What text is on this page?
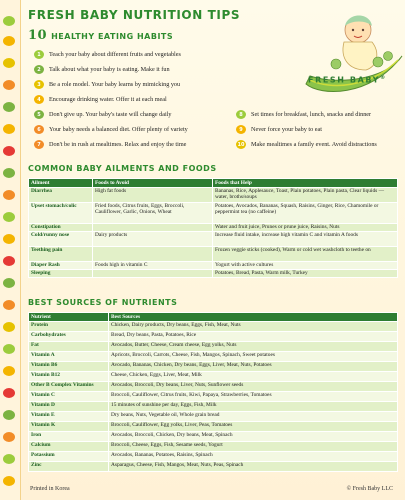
FRESH BABY NUTRITION TIPS
10 HEALTHY EATING HABITS
1	Teach your baby about different fruits and vegetables
2	Talk about what your baby is eating. Make it fun
3	Be a role model. Your baby learns by mimicking you
4	Encourage drinking water. Offer it at each meal
5	Don't give up. Your baby's taste will change daily
6	Your baby needs a balanced diet. Offer plenty of variety
7	Don't be in rush at mealtimes. Relax and enjoy the time
8	Set times for breakfast, lunch, snacks and dinner
9	Never force your baby to eat
10 Make mealtimes a family event. Avoid distractions
FRESH BABY®
COMMON BABY AILMENTS AND FOODS
Ailment	Foods to Avoid	Foods that Help
Diarrhea	High fat foods	Bananas, Rice, Applesauce, Toast, Plain potatoes, Plain pasta, Clear liquids — water, broths/soups
Upset stomach/colic	Fried foods, Citrus fruits, Eggs, Broccoli, Cauliflower, Garlic, Onions, Wheat	Potatoes, Avocados, Bananas, Squash, Raisins, Ginger, Rice, Chamomile or peppermint tea (no caffeine)
Constipation		Water and fruit juice, Prunes or prune juice, Raisins, Nuts
Cold/runny nose	Dairy products	Increase fluid intake, increase high vitamin C and vitamin A foods
Teething pain		Frozen veggie sticks (cooked), Warm or cold wet washcloth to teethe on
Diaper Rash	Foods high in vitamin C	Yogurt with active cultures
Sleeping		Potatoes, Bread, Pasta, Warm milk, Turkey
BEST SOURCES OF NUTRIENTS
Nutrient	Best Sources
Protein	Chicken, Dairy products, Dry beans, Eggs, Fish, Meat, Nuts
Carbohydrates	Bread, Dry beans, Pasta, Potatoes, Rice
Fat	Avocados, Butter, Cheese, Cream cheese, Egg yolks, Nuts
Vitamin A	Apricots, Broccoli, Carrots, Cheese, Fish, Mangos, Spinach, Sweet potatoes
Vitamin B6	Avocado, Bananas, Chicken, Dry beans, Eggs, Liver, Meat, Nuts, Potatoes
Vitamin B12	Cheese, Chicken, Eggs, Liver, Meat, Milk
Other B Complex Vitamins	Avocados, Broccoli, Dry beans, Liver, Nuts, Sunflower seeds
Vitamin C	Broccoli, Cauliflower, Citrus fruits, Kiwi, Papaya, Strawberries, Tomatoes
Vitamin D	15 minutes of sunshine per day, Eggs, Fish, Milk
Vitamin E	Dry beans, Nuts, Vegetable oil, Whole grain bread
Vitamin K	Broccoli, Cauliflower, Egg yolks, Liver, Peas, Tomatoes
Iron	Avocados, Broccoli, Chicken, Dry beans, Meat, Spinach
Calcium	Broccoli, Cheese, Eggs, Fish, Sesame seeds, Yogurt
Potassium	Avocados, Bananas, Potatoes, Raisins, Spinach
Zinc	Asparagus, Cheese, Fish, Mangos, Meat, Nuts, Peas, Spinach
Printed in Korea	© Fresh Baby LLC
